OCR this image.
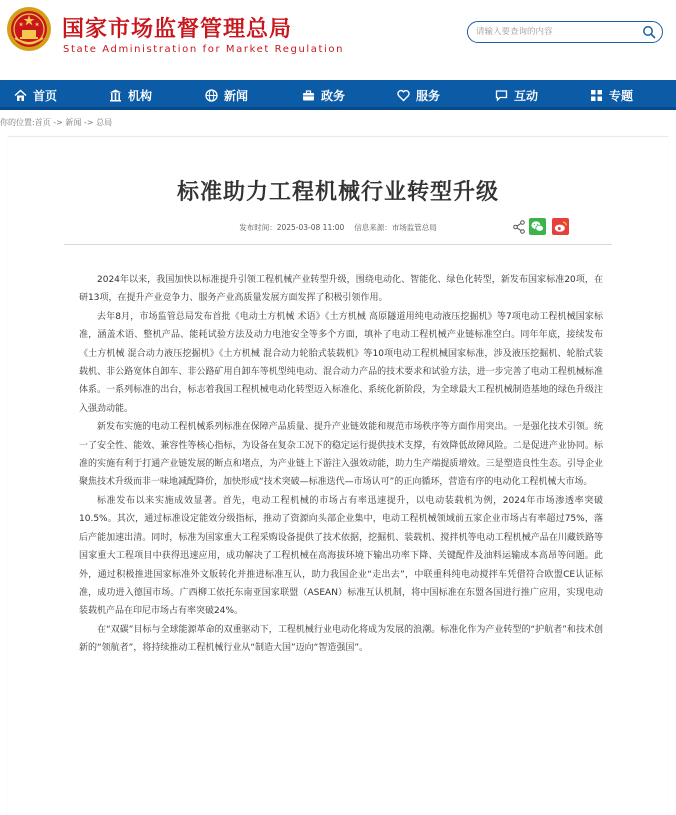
国家市场监督管理总局
State Administration for Market Regulation
请输入要查询的内容
首页	机构	新闻	政务	服务	互动	专题
你的位置:首页 -> 新闻 -> 总局
标准助力工程机械行业转型升级
发布时间：2025-03-08 11:00 信息来源：市场监管总局

2024年以来，我国加快以标准提升引领工程机械产业转型升级，围绕电动化、智能化、绿色化转型，新发布国家标准20项，在研13项，在提升产业竞争力、服务产业高质量发展方面发挥了积极引领作用。

去年8月，市场监管总局发布首批《电动土方机械 术语》《土方机械 高原隧道用纯电动液压挖掘机》等7项电动工程机械国家标准，涵盖术语、整机产品、能耗试验方法及动力电池安全等多个方面，填补了电动工程机械产业链标准空白。同年年底，接续发布《土方机械 混合动力液压挖掘机》《土方机械 混合动力轮胎式装载机》等10项电动工程机械国家标准，涉及液压挖掘机、轮胎式装载机、非公路宽体自卸车、非公路矿用自卸车等机型纯电动、混合动力产品的技术要求和试验方法，进一步完善了电动工程机械标准体系。一系列标准的出台，标志着我国工程机械电动化转型迈入标准化、系统化新阶段，为全球最大工程机械制造基地的绿色升级注入强劲动能。

新发布实施的电动工程机械系列标准在保障产品质量、提升产业链效能和规范市场秩序等方面作用突出。一是强化技术引领。统一了安全性、能效、兼容性等核心指标，为设备在复杂工况下的稳定运行提供技术支撑，有效降低故障风险。二是促进产业协同。标准的实施有利于打通产业链发展的断点和堵点，为产业链上下游注入强效动能，助力生产端提质增效。三是塑造良性生态。引导企业聚焦技术升级而非一味地减配降价，加快形成“技术突破—标准迭代—市场认可”的正向循环，营造有序的电动化工程机械大市场。

标准发布以来实施成效显著。首先，电动工程机械的市场占有率迅速提升，以电动装载机为例，2024年市场渗透率突破10.5%。其次，通过标准设定能效分级指标，推动了资源向头部企业集中，电动工程机械领域前五家企业市场占有率超过75%，落后产能加速出清。同时，标准为国家重大工程采购设备提供了技术依据，挖掘机、装载机、搅拌机等电动工程机械产品在川藏铁路等国家重大工程项目中获得迅速应用，成功解决了工程机械在高海拔环境下输出功率下降、关键配件及油料运输成本高昂等问题。此外，通过积极推进国家标准外文版转化并推进标准互认，助力我国企业“走出去”，中联重科纯电动搅拌车凭借符合欧盟CE认证标准，成功进入德国市场。广西柳工依托东南亚国家联盟（ASEAN）标准互认机制，将中国标准在东盟各国进行推广应用，实现电动装载机产品在印尼市场占有率突破24%。

在“双碳”目标与全球能源革命的双重驱动下，工程机械行业电动化将成为发展的浪潮。标准化作为产业转型的“护航者”和技术创新的“领航者”，将持续推动工程机械行业从“制造大国”迈向“智造强国”。
